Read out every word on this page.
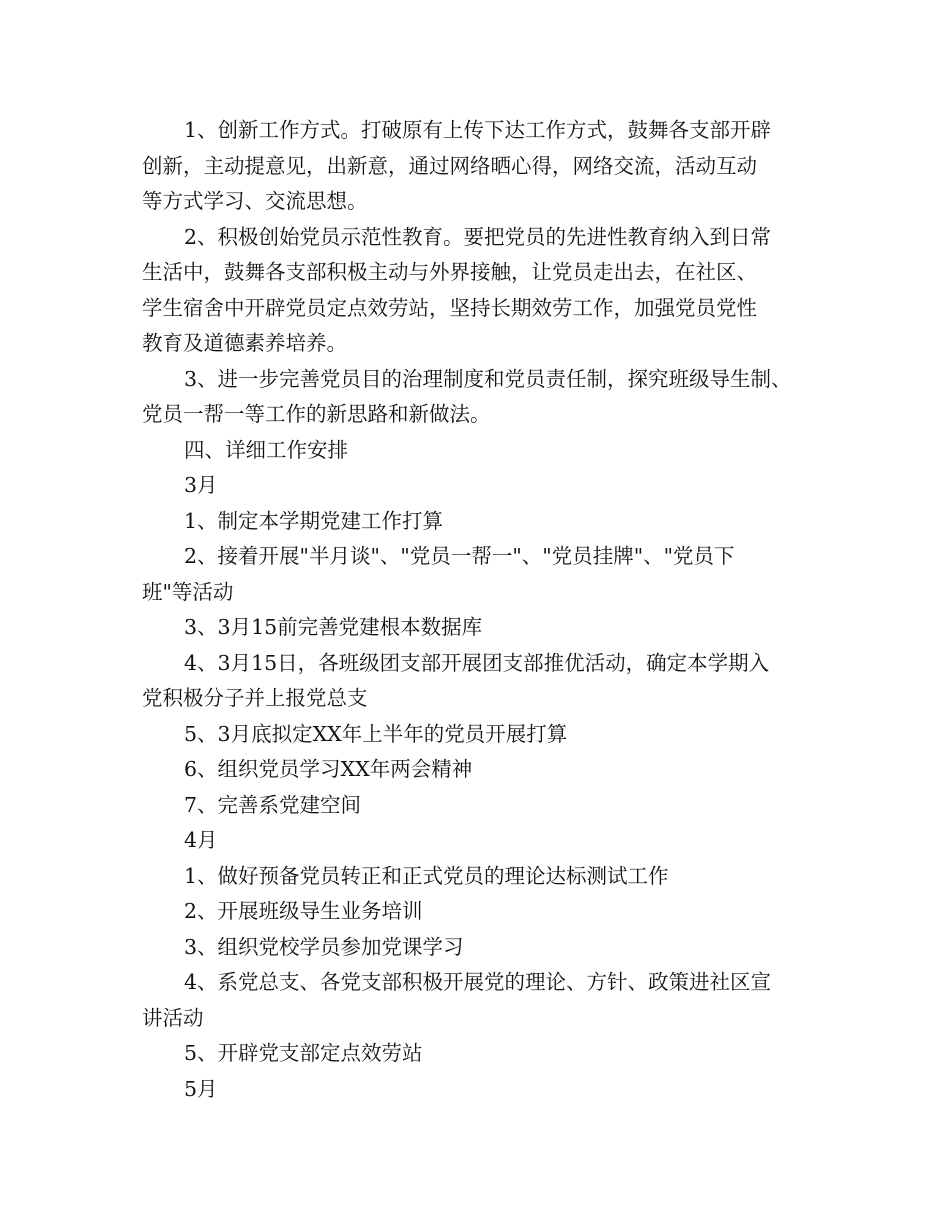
1、创新工作方式。打破原有上传下达工作方式，鼓舞各支部开辟
创新，主动提意见，出新意，通过网络晒心得，网络交流，活动互动
等方式学习、交流思想。
2、积极创始党员示范性教育。要把党员的先进性教育纳入到日常
生活中，鼓舞各支部积极主动与外界接触，让党员走出去，在社区、
学生宿舍中开辟党员定点效劳站，坚持长期效劳工作，加强党员党性
教育及道德素养培养。
3、进一步完善党员目的治理制度和党员责任制，探究班级导生制、
党员一帮一等工作的新思路和新做法。
四、详细工作安排
3月
1、制定本学期党建工作打算
2、接着开展"半月谈"、"党员一帮一"、"党员挂牌"、"党员下
班"等活动
3、3月15前完善党建根本数据库
4、3月15日，各班级团支部开展团支部推优活动，确定本学期入
党积极分子并上报党总支
5、3月底拟定XX年上半年的党员开展打算
6、组织党员学习XX年两会精神
7、完善系党建空间
4月
1、做好预备党员转正和正式党员的理论达标测试工作
2、开展班级导生业务培训
3、组织党校学员参加党课学习
4、系党总支、各党支部积极开展党的理论、方针、政策进社区宣
讲活动
5、开辟党支部定点效劳站
5月
